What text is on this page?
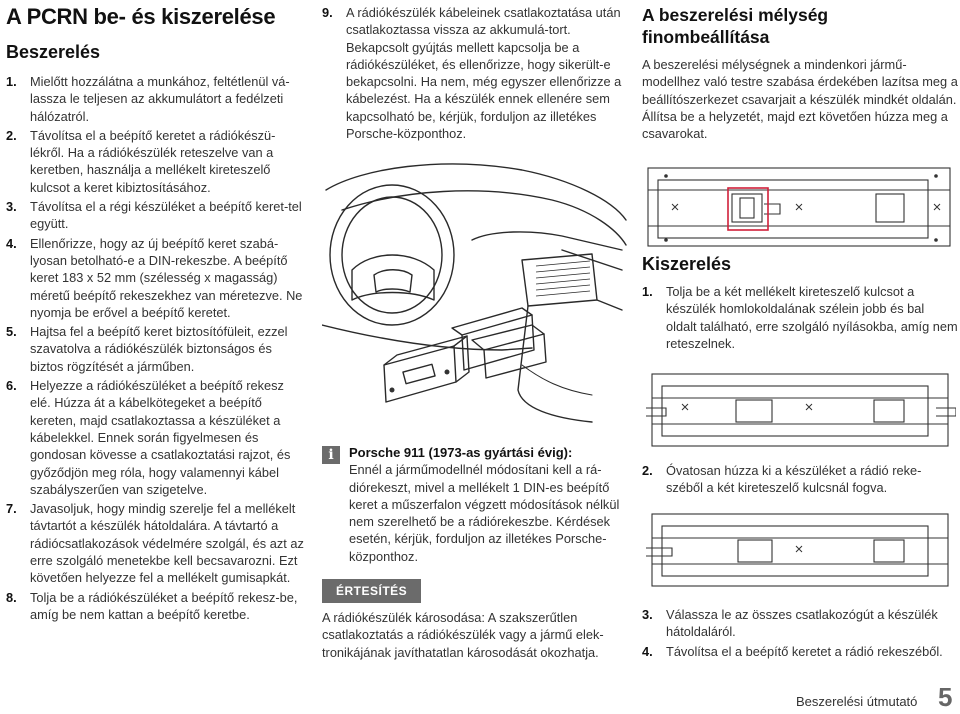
A PCRN be- és kiszerelése
Beszerelés
1.	Mielőtt hozzálátna a munkához, feltétlenül vá-lassza le teljesen az akkumulátort a fedélzeti hálózatról.
2.	Távolítsa el a beépítő keretet a rádiókészü-lékről. Ha a rádiókészülék reteszelve van a keretben, használja a mellékelt kireteszelő kulcsot a keret kibiztosításához.
3.	Távolítsa el a régi készüléket a beépítő keret-tel együtt.
4.	Ellenőrizze, hogy az új beépítő keret szabá-lyosan betolható-e a DIN-rekeszbe. A beépítő keret 183 x 52 mm (szélesség x magasság) méretű beépítő rekeszekhez van méretezve. Ne nyomja be erővel a beépítő keretet.
5.	Hajtsa fel a beépítő keret biztosítófüleit, ezzel szavatolva a rádiókészülék biztonságos és biztos rögzítését a járműben.
6.	Helyezze a rádiókészüléket a beépítő rekesz elé. Húzza át a kábelkötegeket a beépítő kereten, majd csatlakoztassa a készüléket a kábelekkel. Ennek során figyelmesen és gondosan kövesse a csatlakoztatási rajzot, és győződjön meg róla, hogy valamennyi kábel szabályszerűen van szigetelve.
7.	Javasoljuk, hogy mindig szerelje fel a mellékelt távtartót a készülék hátoldalára. A távtartó a rádiócsatlakozások védelmére szolgál, és azt az erre szolgáló menetekbe kell becsavarozni. Ezt követően helyezze fel a mellékelt gumisapkát.
8.	Tolja be a rádiókészüléket a beépítő rekesz-be, amíg be nem kattan a beépítő keretbe.
9.	A rádiókészülék kábeleinek csatlakoztatása után csatlakoztassa vissza az akkumulá-tort. Bekapcsolt gyújtás mellett kapcsolja be a rádiókészüléket, és ellenőrizze, hogy sikerült-e bekapcsolni. Ha nem, még egyszer ellenőrizze a kábelezést. Ha a készülék ennek ellenére sem kapcsolható be, kérjük, forduljon az illetékes Porsche-központhoz.
i	Porsche 911 (1973-as gyártási évig):
Ennél a járműmodellnél módosítani kell a rá-diórekeszt, mivel a mellékelt 1 DIN-es beépítő keret a műszerfalon végzett módosítások nélkül nem szerelhető be a rádiórekeszbe. Kérdések esetén, kérjük, forduljon az illetékes Porsche-központhoz.
ÉRTESÍTÉS
A rádiókészülék károsodása: A szakszerűtlen csatlakoztatás a rádiókészülék vagy a jármű elek-tronikájának javíthatatlan károsodását okozhatja.
A beszerelési mélység finombeállítása
A beszerelési mélységnek a mindenkori jármű-modellhez való testre szabása érdekében lazítsa meg a beállítószerkezet csavarjait a készülék mindkét oldalán. Állítsa be a helyzetét, majd ezt követően húzza meg a csavarokat.
Kiszerelés
1.	Tolja be a két mellékelt kireteszelő kulcsot a készülék homlokoldalának szélein jobb és bal oldalt található, erre szolgáló nyílásokba, amíg nem reteszelnek.
2.	Óvatosan húzza ki a készüléket a rádió reke-széből a két kireteszelő kulcsnál fogva.
3.	Válassza le az összes csatlakozógút a készülék hátoldaláról.
4.	Távolítsa el a beépítő keretet a rádió rekeszéből.
Beszerelési útmutató 5
